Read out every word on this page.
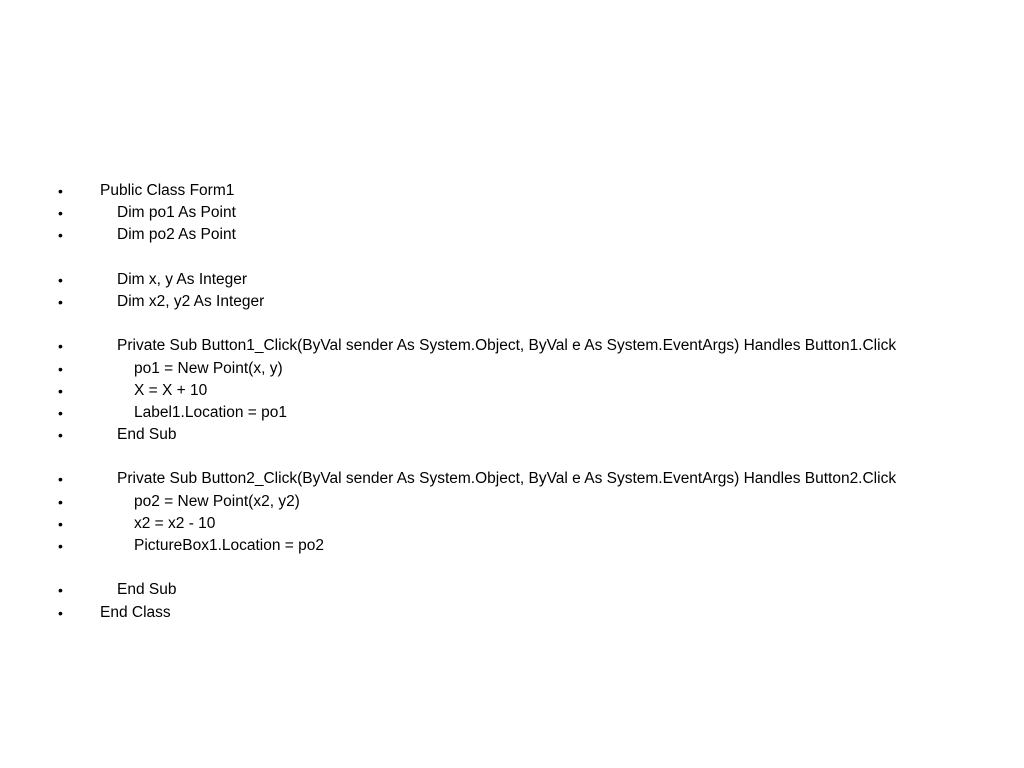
•	Public Class Form1
•	Dim po1 As Point
•	Dim po2 As Point
•	Dim x, y As Integer
•	Dim x2, y2 As Integer
•	Private Sub Button1_Click(ByVal sender As System.Object, ByVal e As System.EventArgs) Handles Button1.Click
•	po1 = New Point(x, y)
•	X = X + 10
•	Label1.Location = po1
•	End Sub
•	Private Sub Button2_Click(ByVal sender As System.Object, ByVal e As System.EventArgs) Handles Button2.Click
•	po2 = New Point(x2, y2)
•	x2 = x2 - 10
•	PictureBox1.Location = po2
•	End Sub
•	End Class
